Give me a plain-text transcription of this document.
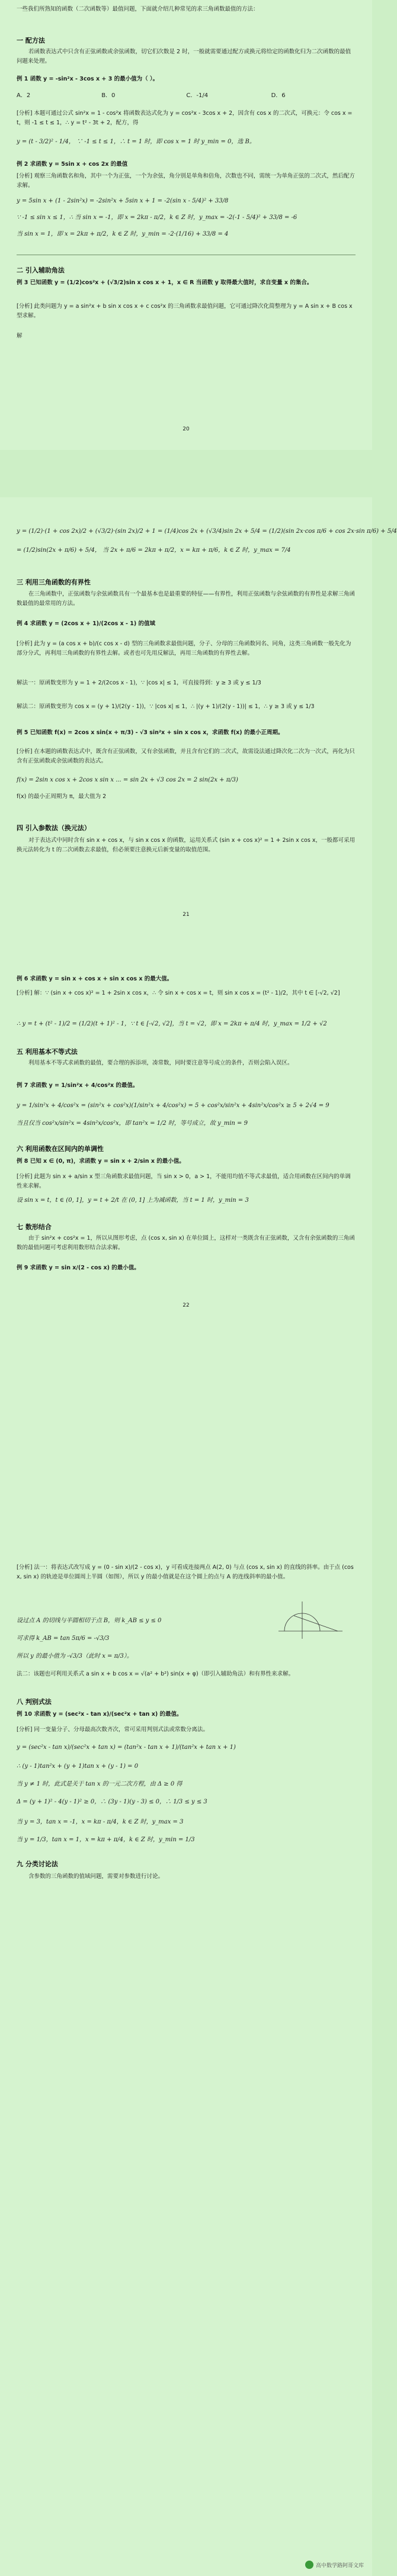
一些我们所熟知的函数（二次函数等）最值问题，下面就介绍几种常见的求三角函数最值的方法：
一 配方法
若函数表达式中只含有正弦函数或余弦函数，切它们次数是 2 时，一般就需要通过配方或换元将给定的函数化归为二次函数的最值问题来处理。
例 1 函数 y = -sin²x - 3cos x + 3 的最小值为（ ）。
A．2	B．0	C．-1/4	D．6
[分析] 本题可通过公式 sin²x = 1 - cos²x 将函数表达式化为 y = cos²x - 3cos x + 2，因含有 cos x 的二次式，可换元：令 cos x = t，则 -1 ≤ t ≤ 1，∴ y = t² - 3t + 2，配方，得
y = (t - 3/2)² - 1/4， ∵ -1 ≤ t ≤ 1，∴ t = 1 时，即 cos x = 1 时 y_min = 0，选 B。
例 2 求函数 y = 5sin x + cos 2x 的最值
[分析] 观察三角函数名和角，其中一个为正弦，一个为余弦，角分别是单角和倍角，次数也不同，需统一为单角正弦的二次式，然后配方求解。
y = 5sin x + (1 - 2sin²x) = -2sin²x + 5sin x + 1 = -2(sin x - 5/4)² + 33/8
∵ -1 ≤ sin x ≤ 1，∴ 当 sin x = -1，即 x = 2kπ - π/2，k ∈ Z 时，y_max = -2(-1 - 5/4)² + 33/8 = -6
当 sin x = 1，即 x = 2kπ + π/2，k ∈ Z 时，y_min = -2·(1/16) + 33/8 = 4
二 引入辅助角法
例 3 已知函数 y = (1/2)cos²x + (√3/2)sin x cos x + 1，x ∈ R 当函数 y 取得最大值时，求自变量 x 的集合。
[分析] 此类问题为 y = a sin²x + b sin x cos x + c cos²x 的三角函数求最值问题，它可通过降次化简整理为 y = A sin x + B cos x 型求解。
解
20
y = (1/2)·(1 + cos 2x)/2 + (√3/2)·(sin 2x)/2 + 1 = (1/4)cos 2x + (√3/4)sin 2x + 5/4 = (1/2)(sin 2x·cos π/6 + cos 2x·sin π/6) + 5/4
= (1/2)sin(2x + π/6) + 5/4， 当 2x + π/6 = 2kπ + π/2，x = kπ + π/6，k ∈ Z 时，y_max = 7/4
三 利用三角函数的有界性
在三角函数中，正弦函数与余弦函数具有一个最基本也是最重要的特征——有界性，利用正弦函数与余弦函数的有界性是求解三角函数最值的最常用的方法。
例 4 求函数 y = (2cos x + 1)/(2cos x - 1) 的值域
[分析] 此为 y = (a cos x + b)/(c cos x - d) 型的三角函数求最值问题，分子、分母的三角函数同名、同角，这类三角函数一般先化为部分分式，再利用三角函数的有界性去解。或者也可先用反解法，再用三角函数的有界性去解。
解法一：原函数变形为 y = 1 + 2/(2cos x - 1)，∵ |cos x| ≤ 1，可直接得到：y ≥ 3 或 y ≤ 1/3
解法二：原函数变形为 cos x = (y + 1)/(2(y - 1))，∵ |cos x| ≤ 1，∴ |(y + 1)/(2(y - 1))| ≤ 1，∴ y ≥ 3 或 y ≤ 1/3
例 5 已知函数 f(x) = 2cos x sin(x + π/3) - √3 sin²x + sin x cos x，求函数 f(x) 的最小正周期。
[分析] 在本题的函数表达式中，既含有正弦函数，又有余弦函数，并且含有它们的二次式，故需设法通过降次化二次为一次式，再化为只含有正弦函数或余弦函数的表达式。
f(x) = 2sin x cos x + 2cos x sin x ... = sin 2x + √3 cos 2x = 2 sin(2x + π/3)
f(x) 的最小正周期为 π，最大值为 2
四 引入参数法（换元法）
对于表达式中同时含有 sin x + cos x，与 sin x cos x 的函数，运用关系式 (sin x + cos x)² = 1 + 2sin x cos x，一般都可采用换元法转化为 t 的二次函数去求最值，但必须要注意换元后新变量的取值范围。
21
例 6 求函数 y = sin x + cos x + sin x cos x 的最大值。
[分析] 解：∵ (sin x + cos x)² = 1 + 2sin x cos x，∴ 令 sin x + cos x = t，则 sin x cos x = (t² - 1)/2，其中 t ∈ [-√2, √2]
∴ y = t + (t² - 1)/2 = (1/2)(t + 1)² - 1，∵ t ∈ [-√2, √2]，当 t = √2，即 x = 2kπ + π/4 时，y_max = 1/2 + √2
五 利用基本不等式法
利用基本不等式求函数的最值，要合理的拆添项，凑常数，同时要注意等号成立的条件，否则会陷入误区。
例 7 求函数 y = 1/sin²x + 4/cos²x 的最值。
y = 1/sin²x + 4/cos²x = (sin²x + cos²x)(1/sin²x + 4/cos²x) = 5 + cos²x/sin²x + 4sin²x/cos²x ≥ 5 + 2√4 = 9
当且仅当 cos²x/sin²x = 4sin²x/cos²x，即 tan²x = 1/2 时，等号成立，故 y_min = 9
六 利用函数在区间内的单调性
例 8 已知 x ∈ (0, π)，求函数 y = sin x + 2/sin x 的最小值。
[分析] 此题为 sin x + a/sin x 型三角函数求最值问题，当 sin x > 0，a > 1，不能用均值不等式求最值，适合用函数在区间内的单调性来求解。
设 sin x = t，t ∈ (0, 1]，y = t + 2/t 在 (0, 1] 上为减函数，当 t = 1 时，y_min = 3
七 数形结合
由于 sin²x + cos²x = 1，所以从图形考虑，点 (cos x, sin x) 在单位圆上，这样对一类既含有正弦函数，又含有余弦函数的三角函数的最值问题可考虑利用数形结合法求解。
例 9 求函数 y = sin x/(2 - cos x) 的最小值。
22
[分析] 法一：将表达式改写成 y = (0 - sin x)/(2 - cos x)，y 可看成连接两点 A(2, 0) 与点 (cos x, sin x) 的直线的斜率。由于点 (cos x, sin x) 的轨迹是单位圆周上半圆（如图），所以 y 的最小值就是在这个圆上的点与 A 的连线斜率的最小值。
设过点 A 的切线与半圆相切于点 B，则 k_AB ≤ y ≤ 0
可求得 k_AB = tan 5π/6 = -√3/3
所以 y 的最小值为 -√3/3（此时 x = π/3）。
法二：该题也可利用关系式 a sin x + b cos x = √(a² + b²) sin(x + φ)（即引入辅助角法）和有界性来求解。
八 判别式法
例 10 求函数 y = (sec²x - tan x)/(sec²x + tan x) 的最值。
[分析] 同一变量分子、分母最高次数齐次，常可采用判别式法或常数分离法。
y = (sec²x - tan x)/(sec²x + tan x) = (tan²x - tan x + 1)/(tan²x + tan x + 1)
∴ (y - 1)tan²x + (y + 1)tan x + (y - 1) = 0
当 y ≠ 1 时，此式是关于 tan x 的一元二次方程，由 Δ ≥ 0 得
Δ = (y + 1)² - 4(y - 1)² ≥ 0，∴ (3y - 1)(y - 3) ≤ 0，∴ 1/3 ≤ y ≤ 3
当 y = 3，tan x = -1，x = kπ - π/4，k ∈ Z 时，y_max = 3
当 y = 1/3，tan x = 1，x = kπ + π/4，k ∈ Z 时，y_min = 1/3
九 分类讨论法
含参数的三角函数的值域问题，需要对参数进行讨论。
高中数学路阿哥文库
